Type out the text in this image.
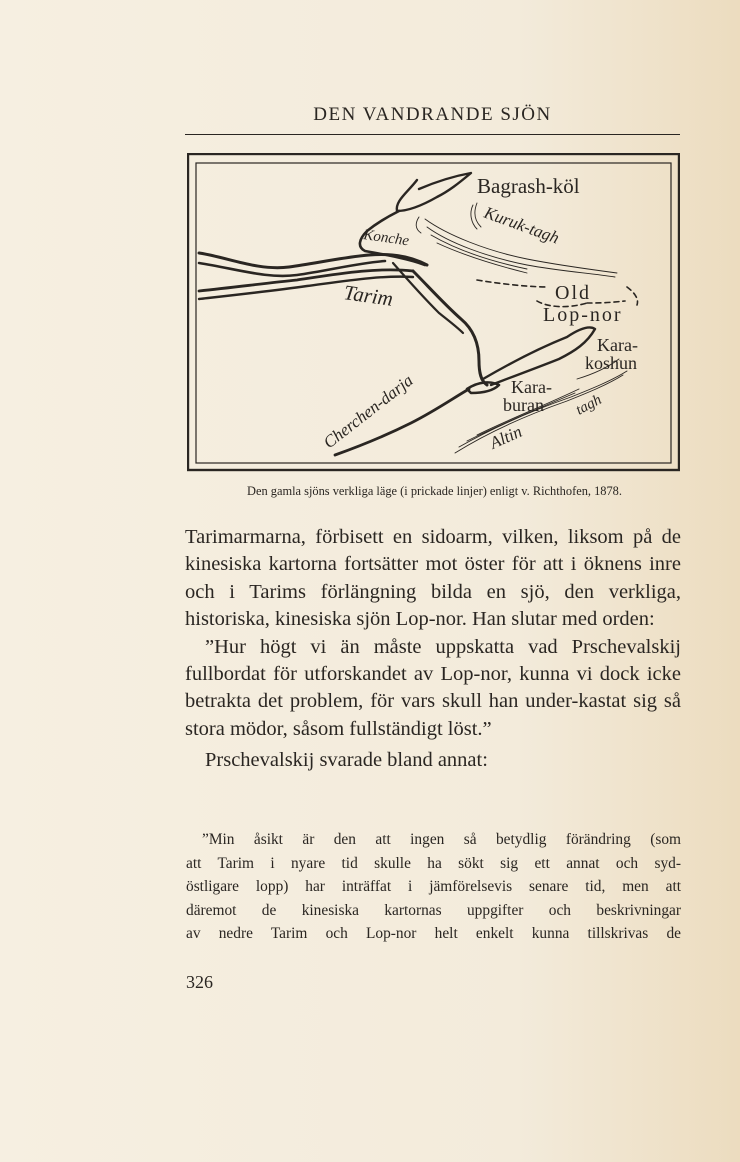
DEN VANDRANDE SJÖN
Bagrash-köl
Kuruk-tagh
Konche
Tarim	Old
Lop-nor
Kara-
koshun
Kara-
buran tagh
Altin
Cherchen-darja
Den gamla sjöns verkliga läge (i prickade linjer) enligt v. Richthofen, 1878.

Tarimarmarna, förbisett en sidoarm, vilken, liksom på de kinesiska kartorna fortsätter mot öster för att i öknens inre och i Tarims förlängning bilda en sjö, den verkliga, historiska, kinesiska sjön Lop-nor. Han slutar med orden:

”Hur högt vi än måste uppskatta vad Prschevalskij fullbordat för utforskandet av Lop-nor, kunna vi dock icke betrakta det problem, för vars skull han under-kastat sig så stora mödor, såsom fullständigt löst.”

Prschevalskij svarade bland annat:

”Min åsikt är den att ingen så betydlig förändring (som

att Tarim i nyare tid skulle ha sökt sig ett annat och syd-

östligare lopp) har inträffat i jämförelsevis senare tid, men att

däremot de kinesiska kartornas uppgifter och beskrivningar

av nedre Tarim och Lop-nor helt enkelt kunna tillskrivas de

326
